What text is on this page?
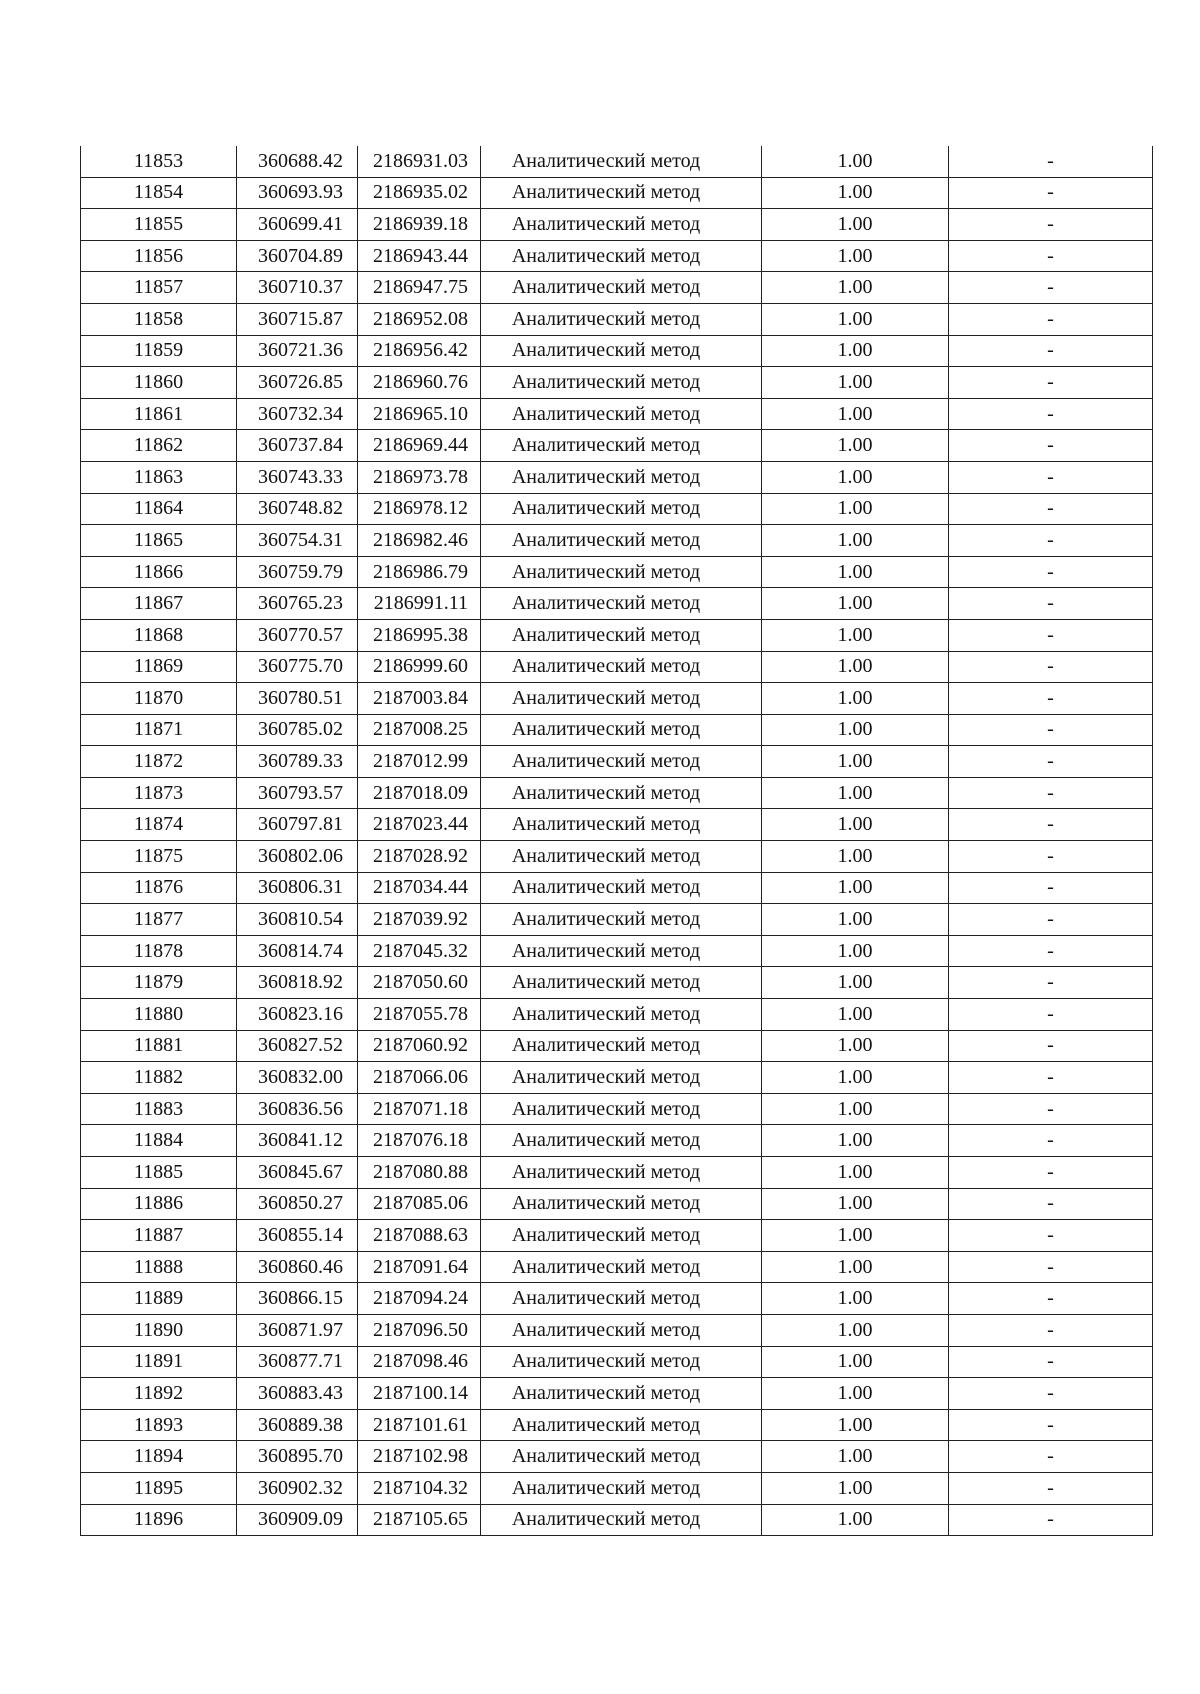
11853	360688.42	2186931.03	Аналитический метод	1.00	-
11854	360693.93	2186935.02	Аналитический метод	1.00	-
11855	360699.41	2186939.18	Аналитический метод	1.00	-
11856	360704.89	2186943.44	Аналитический метод	1.00	-
11857	360710.37	2186947.75	Аналитический метод	1.00	-
11858	360715.87	2186952.08	Аналитический метод	1.00	-
11859	360721.36	2186956.42	Аналитический метод	1.00	-
11860	360726.85	2186960.76	Аналитический метод	1.00	-
11861	360732.34	2186965.10	Аналитический метод	1.00	-
11862	360737.84	2186969.44	Аналитический метод	1.00	-
11863	360743.33	2186973.78	Аналитический метод	1.00	-
11864	360748.82	2186978.12	Аналитический метод	1.00	-
11865	360754.31	2186982.46	Аналитический метод	1.00	-
11866	360759.79	2186986.79	Аналитический метод	1.00	-
11867	360765.23	2186991.11	Аналитический метод	1.00	-
11868	360770.57	2186995.38	Аналитический метод	1.00	-
11869	360775.70	2186999.60	Аналитический метод	1.00	-
11870	360780.51	2187003.84	Аналитический метод	1.00	-
11871	360785.02	2187008.25	Аналитический метод	1.00	-
11872	360789.33	2187012.99	Аналитический метод	1.00	-
11873	360793.57	2187018.09	Аналитический метод	1.00	-
11874	360797.81	2187023.44	Аналитический метод	1.00	-
11875	360802.06	2187028.92	Аналитический метод	1.00	-
11876	360806.31	2187034.44	Аналитический метод	1.00	-
11877	360810.54	2187039.92	Аналитический метод	1.00	-
11878	360814.74	2187045.32	Аналитический метод	1.00	-
11879	360818.92	2187050.60	Аналитический метод	1.00	-
11880	360823.16	2187055.78	Аналитический метод	1.00	-
11881	360827.52	2187060.92	Аналитический метод	1.00	-
11882	360832.00	2187066.06	Аналитический метод	1.00	-
11883	360836.56	2187071.18	Аналитический метод	1.00	-
11884	360841.12	2187076.18	Аналитический метод	1.00	-
11885	360845.67	2187080.88	Аналитический метод	1.00	-
11886	360850.27	2187085.06	Аналитический метод	1.00	-
11887	360855.14	2187088.63	Аналитический метод	1.00	-
11888	360860.46	2187091.64	Аналитический метод	1.00	-
11889	360866.15	2187094.24	Аналитический метод	1.00	-
11890	360871.97	2187096.50	Аналитический метод	1.00	-
11891	360877.71	2187098.46	Аналитический метод	1.00	-
11892	360883.43	2187100.14	Аналитический метод	1.00	-
11893	360889.38	2187101.61	Аналитический метод	1.00	-
11894	360895.70	2187102.98	Аналитический метод	1.00	-
11895	360902.32	2187104.32	Аналитический метод	1.00	-
11896	360909.09	2187105.65	Аналитический метод	1.00	-
